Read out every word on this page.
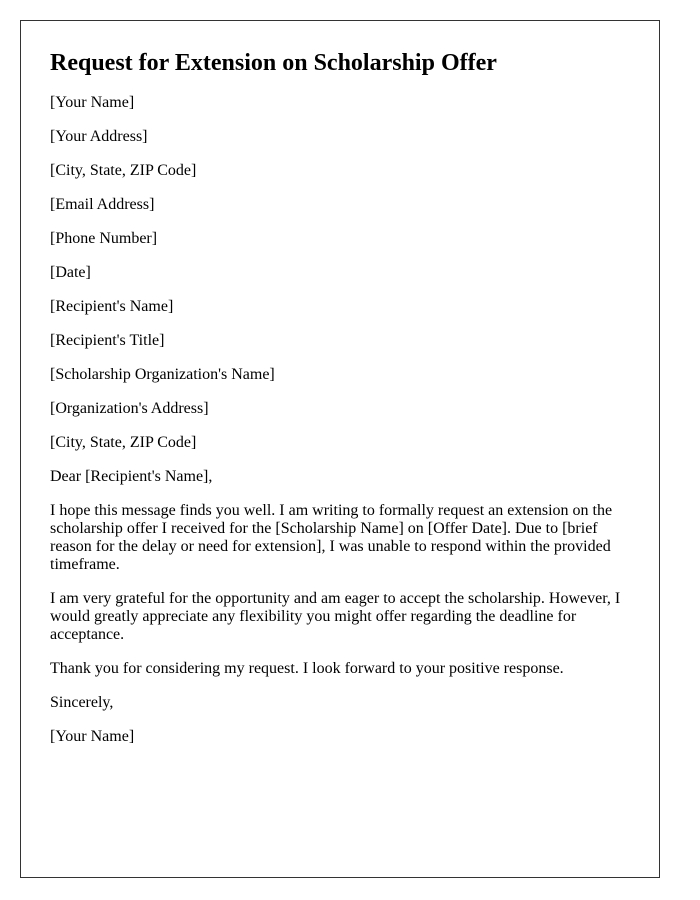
Request for Extension on Scholarship Offer
[Your Name]
[Your Address]
[City, State, ZIP Code]
[Email Address]
[Phone Number]
[Date]
[Recipient's Name]
[Recipient's Title]
[Scholarship Organization's Name]
[Organization's Address]
[City, State, ZIP Code]
Dear [Recipient's Name],

I hope this message finds you well. I am writing to formally request an extension on the scholarship offer I received for the [Scholarship Name] on [Offer Date]. Due to [brief reason for the delay or need for extension], I was unable to respond within the provided timeframe.

I am very grateful for the opportunity and am eager to accept the scholarship. However, I would greatly appreciate any flexibility you might offer regarding the deadline for acceptance.

Thank you for considering my request. I look forward to your positive response.

Sincerely,
[Your Name]
